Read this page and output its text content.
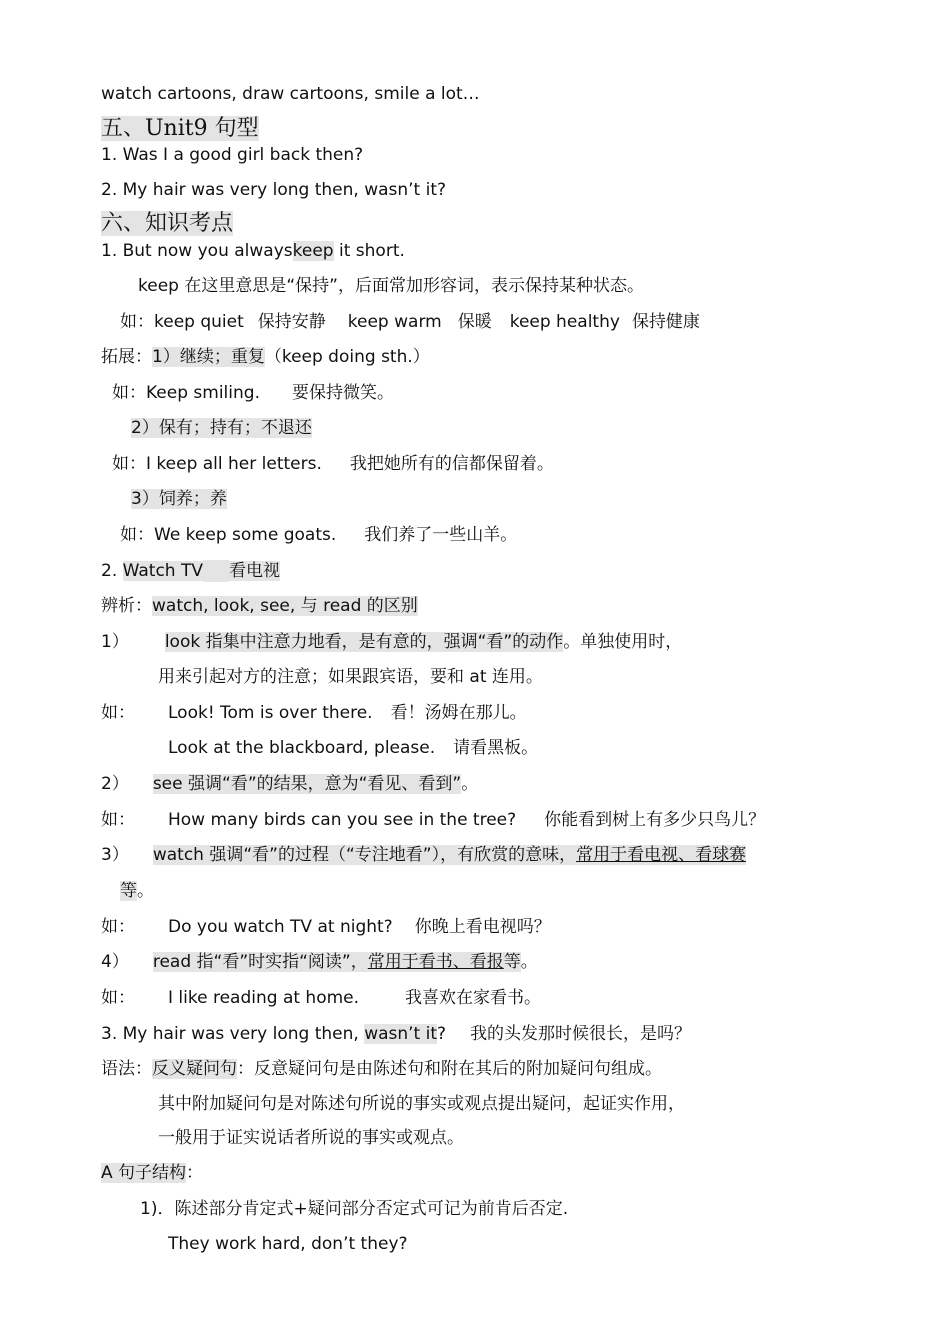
watch cartoons, draw cartoons, smile a lot…
五、Unit9 句型
1. Was I a good girl back then?
2. My hair was very long then, wasn’t it?
六、知识考点
1. But now you alwayskeep it short.
keep 在这里意思是“保持”，后面常加形容词，表示保持某种状态。
如：keep quiet 保持安静 keep warm 保暖 keep healthy 保持健康
拓展：1）继续；重复（keep doing sth.）
如：Keep smiling. 要保持微笑。
2）保有；持有；不退还
如：I keep all her letters. 我把她所有的信都保留着。
3）饲养；养
如：We keep some goats. 我们养了一些山羊。
2. Watch TV 看电视
辨析：watch, look, see, 与 read 的区别
1） look 指集中注意力地看，是有意的，强调“看”的动作。单独使用时，
用来引起对方的注意；如果跟宾语，要和 at 连用。
如： Look! Tom is over there. 看！汤姆在那儿。
Look at the blackboard, please. 请看黑板。
2） see 强调“看”的结果，意为“看见、看到”。
如： How many birds can you see in the tree? 你能看到树上有多少只鸟儿？
3） watch 强调“看”的过程（“专注地看”），有欣赏的意味，常用于看电视、看球赛
等。
如： Do you watch TV at night? 你晚上看电视吗？
4） read 指“看”时实指“阅读”，常用于看书、看报等。
如： I like reading at home.	我喜欢在家看书。
3. My hair was very long then, wasn’t it? 我的头发那时候很长，是吗？
语法：反义疑问句：反意疑问句是由陈述句和附在其后的附加疑问句组成。
其中附加疑问句是对陈述句所说的事实或观点提出疑问，起证实作用，
一般用于证实说话者所说的事实或观点。
A 句子结构：
1)．陈述部分肯定式+疑问部分否定式可记为前肯后否定.
They work hard, don’t they?
